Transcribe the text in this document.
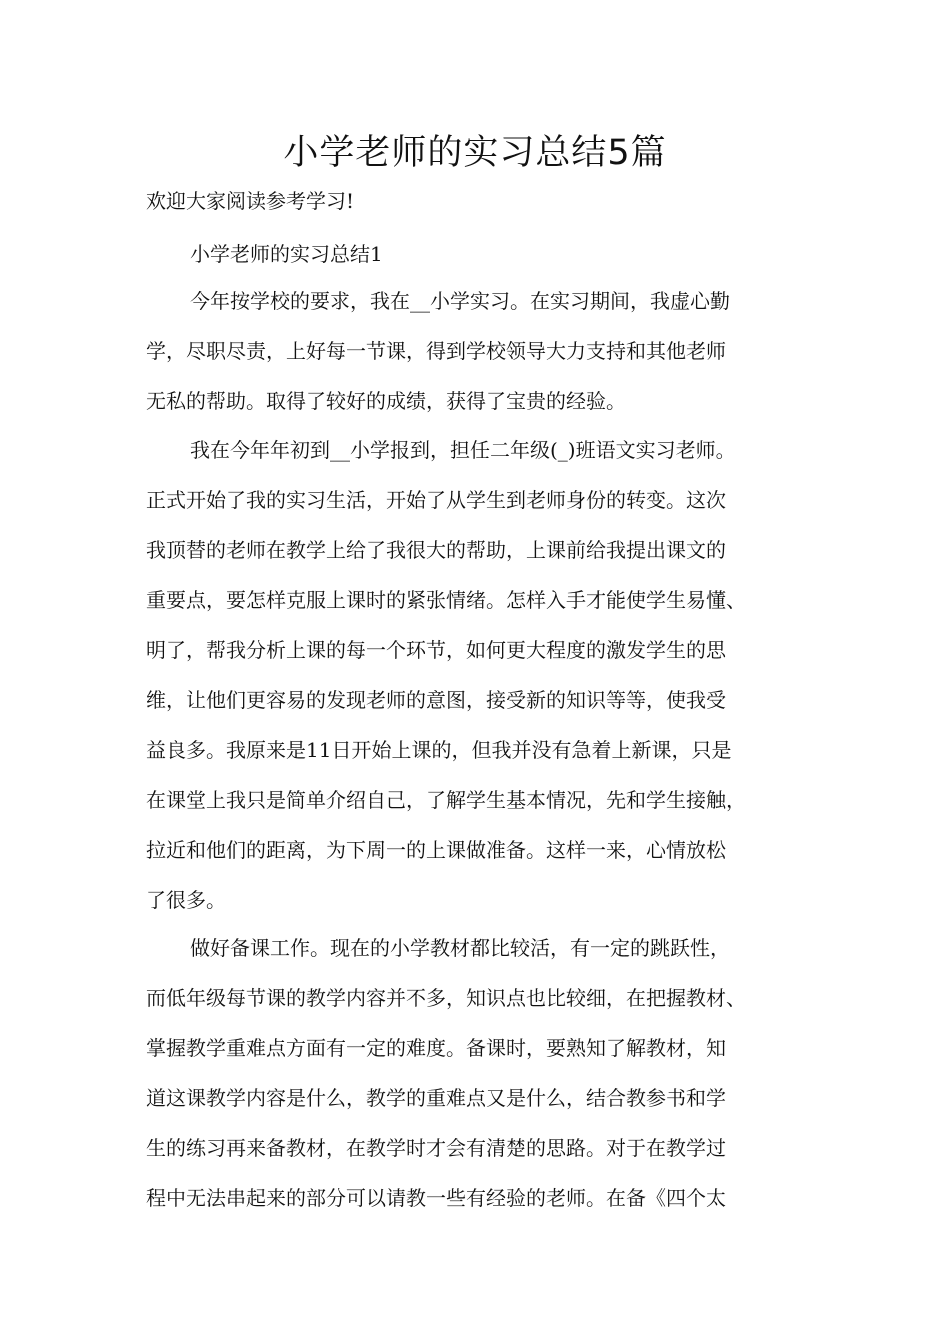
小学老师的实习总结5篇

欢迎大家阅读参考学习!

小学老师的实习总结1

今年按学校的要求，我在__小学实习。在实习期间，我虚心勤
学，尽职尽责，上好每一节课，得到学校领导大力支持和其他老师
无私的帮助。取得了较好的成绩，获得了宝贵的经验。
我在今年年初到__小学报到，担任二年级(_)班语文实习老师。
正式开始了我的实习生活，开始了从学生到老师身份的转变。这次
我顶替的老师在教学上给了我很大的帮助，上课前给我提出课文的
重要点，要怎样克服上课时的紧张情绪。怎样入手才能使学生易懂、
明了，帮我分析上课的每一个环节，如何更大程度的激发学生的思
维，让他们更容易的发现老师的意图，接受新的知识等等，使我受
益良多。我原来是11日开始上课的，但我并没有急着上新课，只是
在课堂上我只是简单介绍自己，了解学生基本情况，先和学生接触，
拉近和他们的距离，为下周一的上课做准备。这样一来，心情放松
了很多。
做好备课工作。现在的小学教材都比较活，有一定的跳跃性，
而低年级每节课的教学内容并不多，知识点也比较细，在把握教材、
掌握教学重难点方面有一定的难度。备课时，要熟知了解教材，知
道这课教学内容是什么，教学的重难点又是什么，结合教参书和学
生的练习再来备教材，在教学时才会有清楚的思路。对于在教学过
程中无法串起来的部分可以请教一些有经验的老师。在备《四个太
